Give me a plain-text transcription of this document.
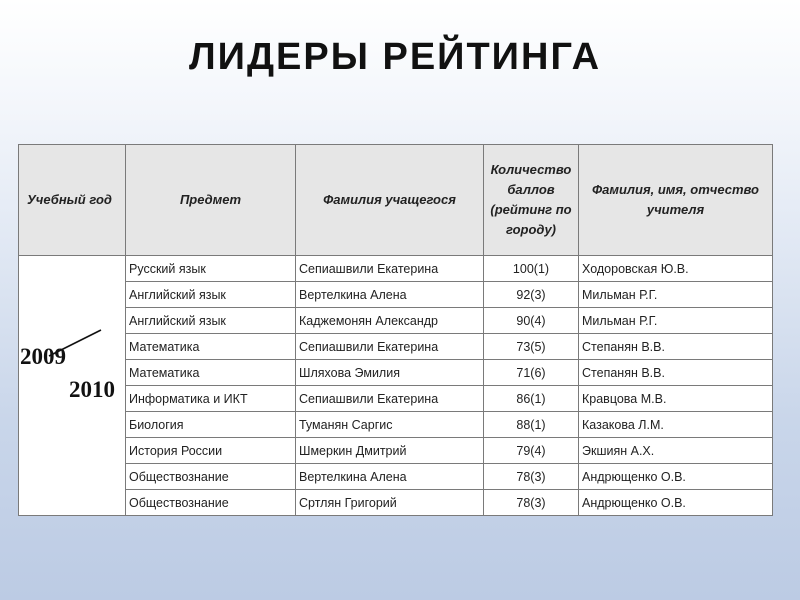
ЛИДЕРЫ РЕЙТИНГА
Учебный год	Предмет	Фамилия учащегося	Количество баллов (рейтинг по городу)	Фамилия, имя, отчество учителя

2009
2010	Русский язык	Сепиашвили Екатерина	100(1)	Ходоровская Ю.В.
	Английский язык	Вертелкина Алена	92(3)	Мильман Р.Г.
	Английский язык	Каджемонян Александр	90(4)	Мильман Р.Г.
	Математика	Сепиашвили Екатерина	73(5)	Степанян В.В.
	Математика	Шляхова Эмилия	71(6)	Степанян В.В.
	Информатика и ИКТ	Сепиашвили Екатерина	86(1)	Кравцова М.В.
	Биология	Туманян Саргис	88(1)	Казакова Л.М.
	История России	Шмеркин Дмитрий	79(4)	Экшиян А.Х.
	Обществознание	Вертелкина Алена	78(3)	Андрющенко О.В.
	Обществознание	Сртлян Григорий	78(3)	Андрющенко О.В.
